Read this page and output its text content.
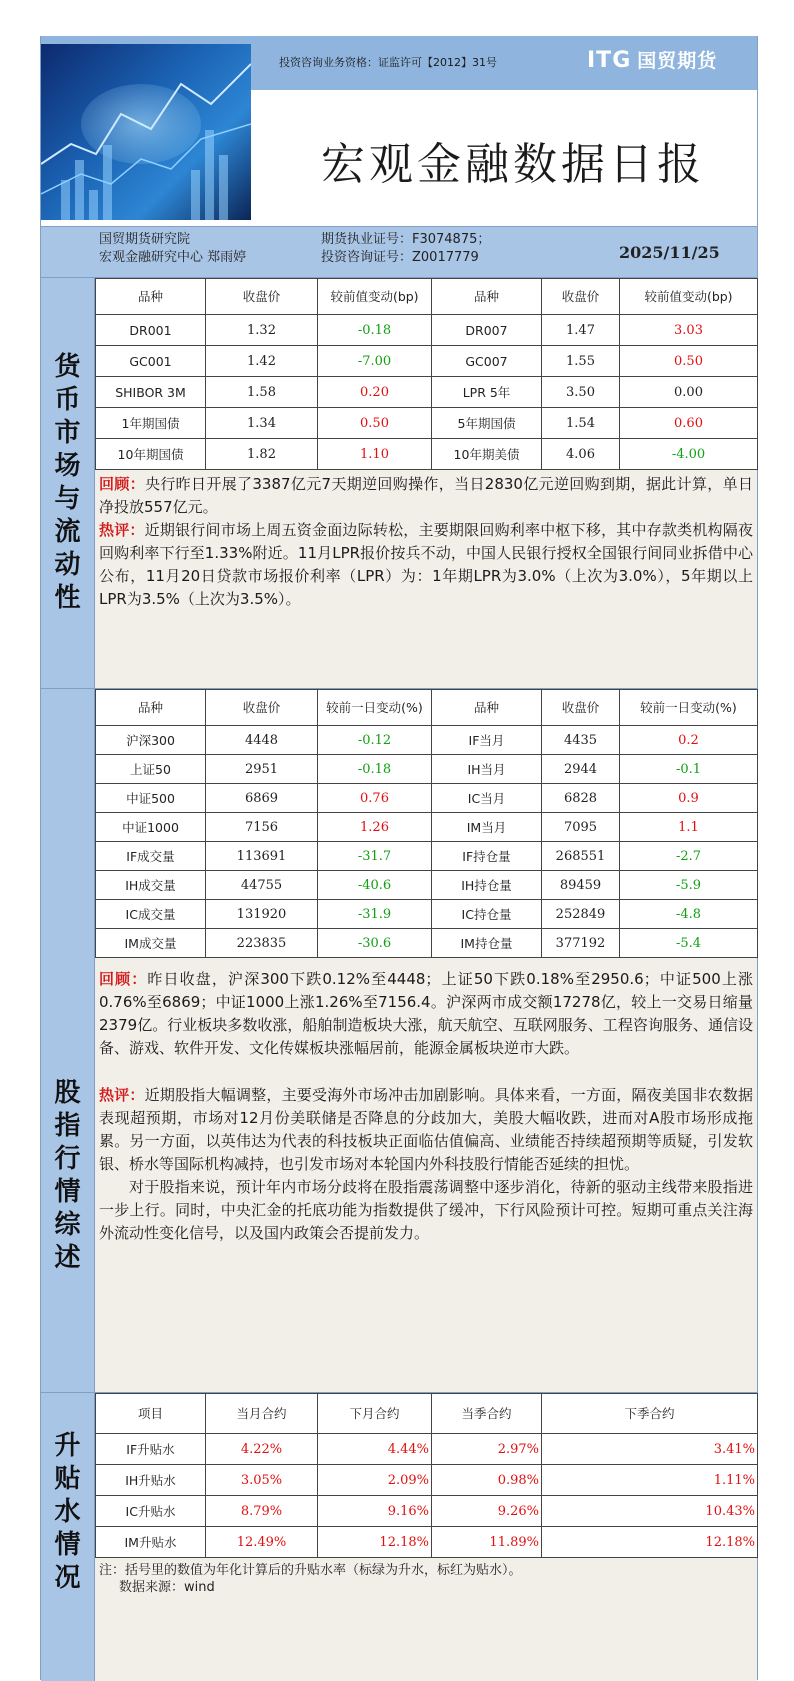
投资咨询业务资格：证监许可【2012】31号	ITG 国贸期货
宏观金融数据日报
国贸期货研究院
宏观金融研究中心 郑雨婷
期货执业证号：F3074875；
投资咨询证号：Z0017779	2025/11/25
货
币
市
场
与
流
动
性
品种	收盘价	较前值变动(bp)	品种	收盘价	较前值变动(bp)
DR001	1.32	-0.18	DR007	1.47	3.03
GC001	1.42	-7.00	GC007	1.55	0.50
SHIBOR 3M	1.58	0.20	LPR 5年	3.50	0.00
1年期国债	1.34	0.50	5年期国债	1.54	0.60
10年期国债	1.82	1.10	10年期美债	4.06	-4.00
回顾：央行昨日开展了3387亿元7天期逆回购操作，当日2830亿元逆回购到期，据此计算，单日净投放557亿元。
热评：近期银行间市场上周五资金面边际转松，主要期限回购利率中枢下移，其中存款类机构隔夜回购利率下行至1.33%附近。11月LPR报价按兵不动，中国人民银行授权全国银行间同业拆借中心公布，11月20日贷款市场报价利率（LPR）为：1年期LPR为3.0%（上次为3.0%），5年期以上LPR为3.5%（上次为3.5%）。
股
指
行
情
综
述
品种	收盘价	较前一日变动(%)	品种	收盘价	较前一日变动(%)
沪深300	4448	-0.12	IF当月	4435	0.2
上证50	2951	-0.18	IH当月	2944	-0.1
中证500	6869	0.76	IC当月	6828	0.9
中证1000	7156	1.26	IM当月	7095	1.1
IF成交量	113691	-31.7	IF持仓量	268551	-2.7
IH成交量	44755	-40.6	IH持仓量	89459	-5.9
IC成交量	131920	-31.9	IC持仓量	252849	-4.8
IM成交量	223835	-30.6	IM持仓量	377192	-5.4
回顾：昨日收盘，沪深300下跌0.12%至4448；上证50下跌0.18%至2950.6；中证500上涨0.76%至6869；中证1000上涨1.26%至7156.4。沪深两市成交额17278亿，较上一交易日缩量2379亿。行业板块多数收涨，船舶制造板块大涨，航天航空、互联网服务、工程咨询服务、通信设备、游戏、软件开发、文化传媒板块涨幅居前，能源金属板块逆市大跌。
热评：近期股指大幅调整，主要受海外市场冲击加剧影响。具体来看，一方面，隔夜美国非农数据表现超预期，市场对12月份美联储是否降息的分歧加大，美股大幅收跌，进而对A股市场形成拖累。另一方面，以英伟达为代表的科技板块正面临估值偏高、业绩能否持续超预期等质疑，引发软银、桥水等国际机构减持，也引发市场对本轮国内外科技股行情能否延续的担忧。
对于股指来说，预计年内市场分歧将在股指震荡调整中逐步消化，待新的驱动主线带来股指进一步上行。同时，中央汇金的托底功能为指数提供了缓冲，下行风险预计可控。短期可重点关注海外流动性变化信号，以及国内政策会否提前发力。
升
贴
水
情
况
项目	当月合约	下月合约	当季合约	下季合约
IF升贴水	4.22%	4.44%	2.97%	3.41%
IH升贴水	3.05%	2.09%	0.98%	1.11%
IC升贴水	8.79%	9.16%	9.26%	10.43%
IM升贴水	12.49%	12.18%	11.89%	12.18%
注：括号里的数值为年化计算后的升贴水率（标绿为升水，标红为贴水）。
数据来源：wind
